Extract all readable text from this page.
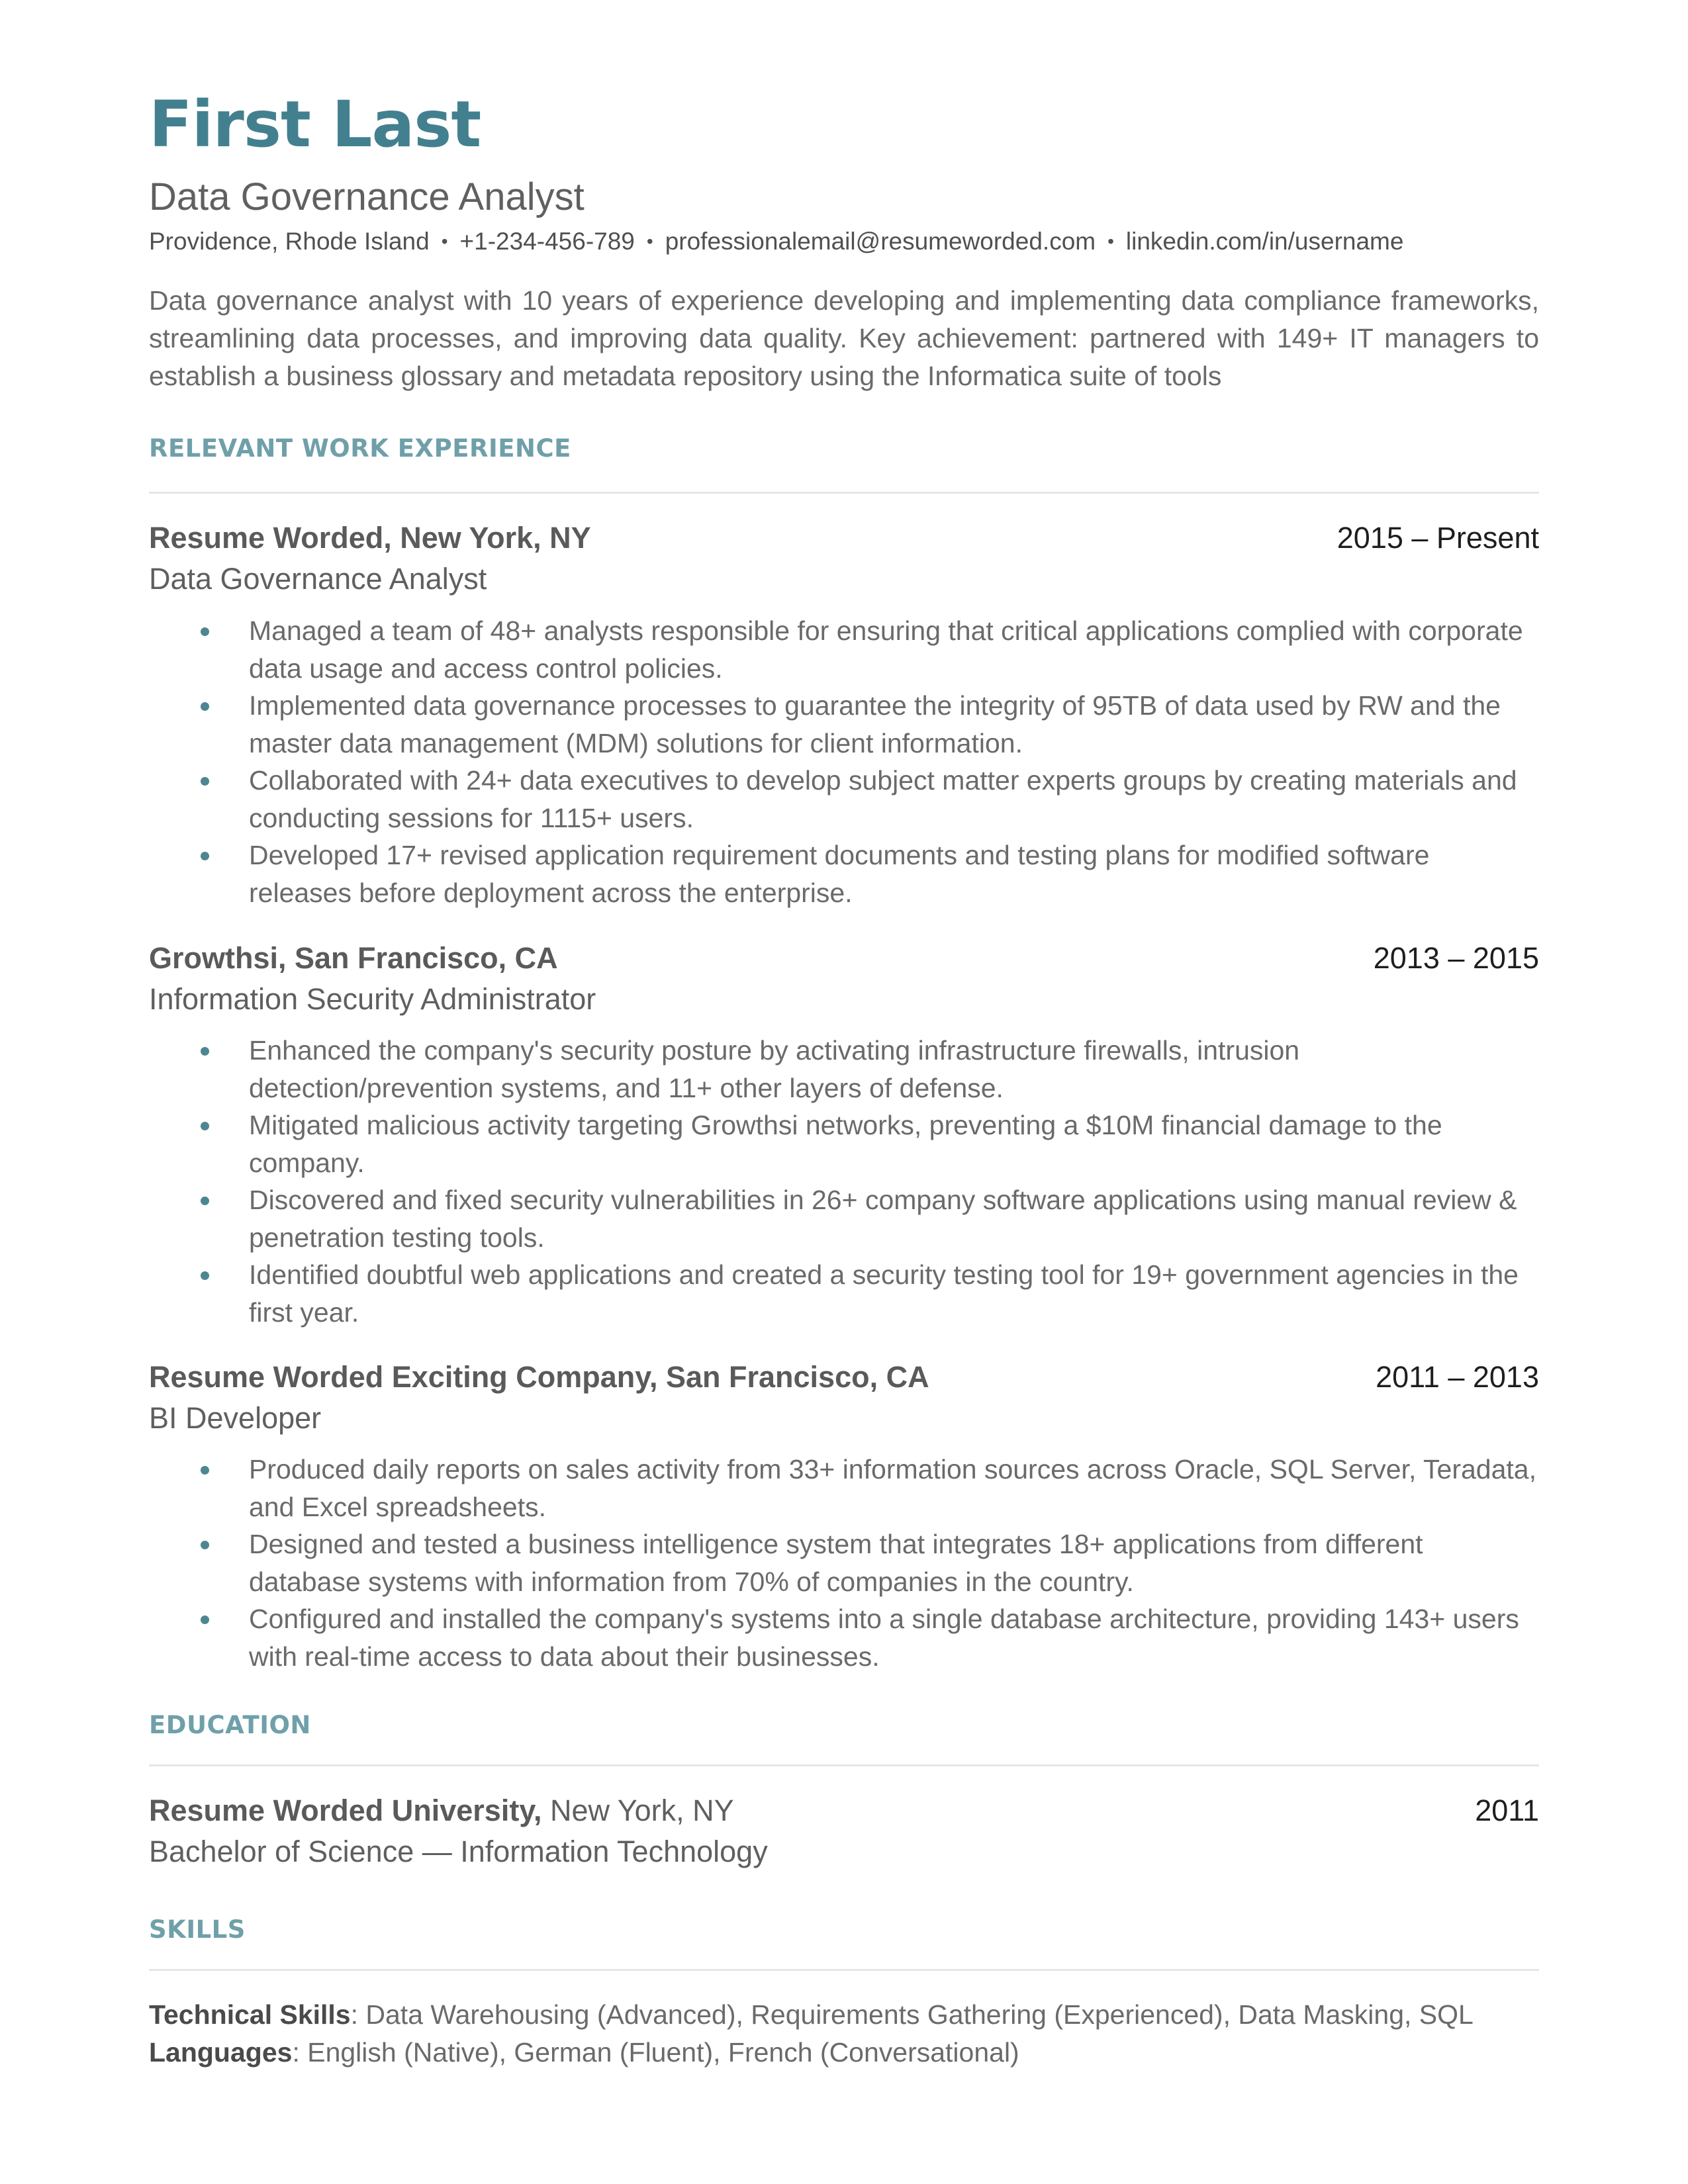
First Last
Data Governance Analyst
Providence, Rhode Island • +1-234-456-789 • professionalemail@resumeworded.com • linkedin.com/in/username
Data governance analyst with 10 years of experience developing and implementing data compliance frameworks, streamlining data processes, and improving data quality. Key achievement: partnered with 149+ IT managers to establish a business glossary and metadata repository using the Informatica suite of tools
RELEVANT WORK EXPERIENCE
Resume Worded, New York, NY	2015 – Present
Data Governance Analyst
Managed a team of 48+ analysts responsible for ensuring that critical applications complied with corporate data usage and access control policies.
Implemented data governance processes to guarantee the integrity of 95TB of data used by RW and the master data management (MDM) solutions for client information.
Collaborated with 24+ data executives to develop subject matter experts groups by creating materials and conducting sessions for 1115+ users.
Developed 17+ revised application requirement documents and testing plans for modified software releases before deployment across the enterprise.
Growthsi, San Francisco, CA	2013 – 2015
Information Security Administrator
Enhanced the company's security posture by activating infrastructure firewalls, intrusion detection/prevention systems, and 11+ other layers of defense.
Mitigated malicious activity targeting Growthsi networks, preventing a $10M financial damage to the company.
Discovered and fixed security vulnerabilities in 26+ company software applications using manual review & penetration testing tools.
Identified doubtful web applications and created a security testing tool for 19+ government agencies in the first year.
Resume Worded Exciting Company, San Francisco, CA	2011 – 2013
BI Developer
Produced daily reports on sales activity from 33+ information sources across Oracle, SQL Server, Teradata, and Excel spreadsheets.
Designed and tested a business intelligence system that integrates 18+ applications from different database systems with information from 70% of companies in the country.
Configured and installed the company's systems into a single database architecture, providing 143+ users with real-time access to data about their businesses.
EDUCATION
Resume Worded University, New York, NY	2011
Bachelor of Science — Information Technology
SKILLS
Technical Skills: Data Warehousing (Advanced), Requirements Gathering (Experienced), Data Masking, SQL
Languages: English (Native), German (Fluent), French (Conversational)
